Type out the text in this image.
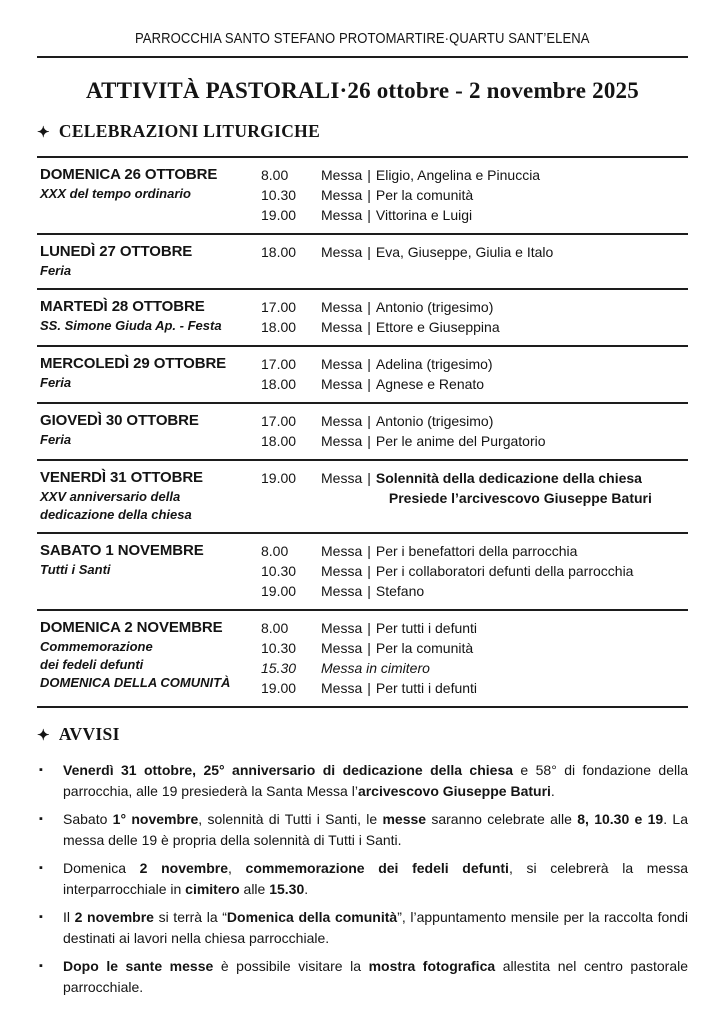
PARROCCHIA SANTO STEFANO PROTOMARTIRE·QUARTU SANT’ELENA
ATTIVITÀ PASTORALI·26 ottobre - 2 novembre 2025
✦ CELEBRAZIONI LITURGICHE
DOMENICA 26 OTTOBRE
XXX del tempo ordinario
8.00	Messa | Eligio, Angelina e Pinuccia
10.30	Messa | Per la comunità
19.00	Messa | Vittorina e Luigi
LUNEDÌ 27 OTTOBRE
Feria
18.00	Messa | Eva, Giuseppe, Giulia e Italo
MARTEDÌ 28 OTTOBRE
SS. Simone Giuda Ap. - Festa
17.00	Messa | Antonio (trigesimo)
18.00	Messa | Ettore e Giuseppina
MERCOLEDÌ 29 OTTOBRE
Feria
17.00	Messa | Adelina (trigesimo)
18.00	Messa | Agnese e Renato
GIOVEDÌ 30 OTTOBRE
Feria
17.00	Messa | Antonio (trigesimo)
18.00	Messa | Per le anime del Purgatorio
VENERDÌ 31 OTTOBRE
XXV anniversario della
dedicazione della chiesa
19.00	Messa | Solennità della dedicazione della chiesa
Presiede l’arcivescovo Giuseppe Baturi
SABATO 1 NOVEMBRE
Tutti i Santi
8.00	Messa | Per i benefattori della parrocchia
10.30	Messa | Per i collaboratori defunti della parrocchia
19.00	Messa | Stefano
DOMENICA 2 NOVEMBRE
Commemorazione
dei fedeli defunti
DOMENICA DELLA COMUNITÀ
8.00	Messa | Per tutti i defunti
10.30	Messa | Per la comunità
15.30	Messa in cimitero
19.00	Messa | Per tutti i defunti
✦ AVVISI
▪	Venerdì 31 ottobre, 25° anniversario di dedicazione della chiesa e 58° di fondazione della parrocchia, alle 19 presiederà la Santa Messa l’arcivescovo Giuseppe Baturi.

▪	Sabato 1° novembre, solennità di Tutti i Santi, le messe saranno celebrate alle 8, 10.30 e 19. La messa delle 19 è propria della solennità di Tutti i Santi.

▪	Domenica 2 novembre, commemorazione dei fedeli defunti, si celebrerà la messa interparrocchiale in cimitero alle 15.30.

▪	Il 2 novembre si terrà la “Domenica della comunità”, l’appuntamento mensile per la raccolta fondi destinati ai lavori nella chiesa parrocchiale.

▪	Dopo le sante messe è possibile visitare la mostra fotografica allestita nel centro pastorale parrocchiale.
